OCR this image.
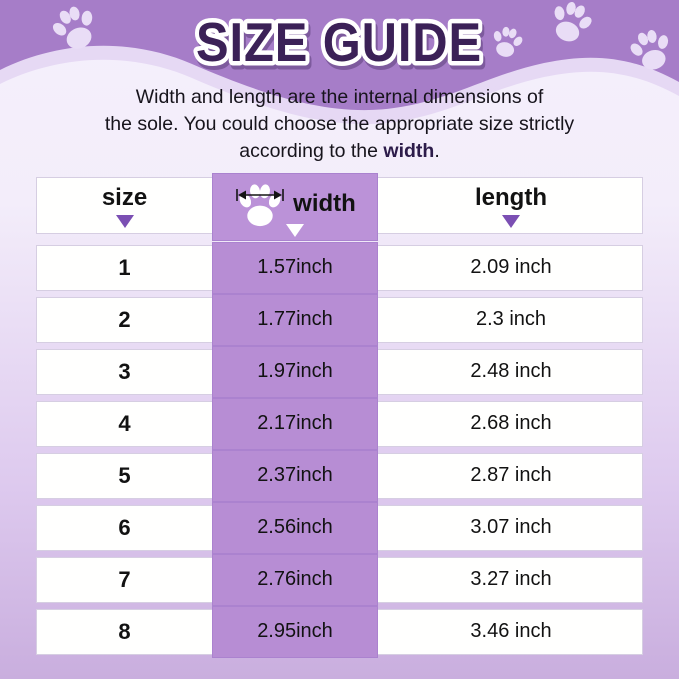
SIZE GUIDE
Width and length are the internal dimensions of
the sole. You could choose the appropriate size strictly
according to the width.
size	width	length
1	1.57inch	2.09 inch
2	1.77inch	2.3 inch
3	1.97inch	2.48 inch
4	2.17inch	2.68 inch
5	2.37inch	2.87 inch
6	2.56inch	3.07 inch
7	2.76inch	3.27 inch
8	2.95inch	3.46 inch
